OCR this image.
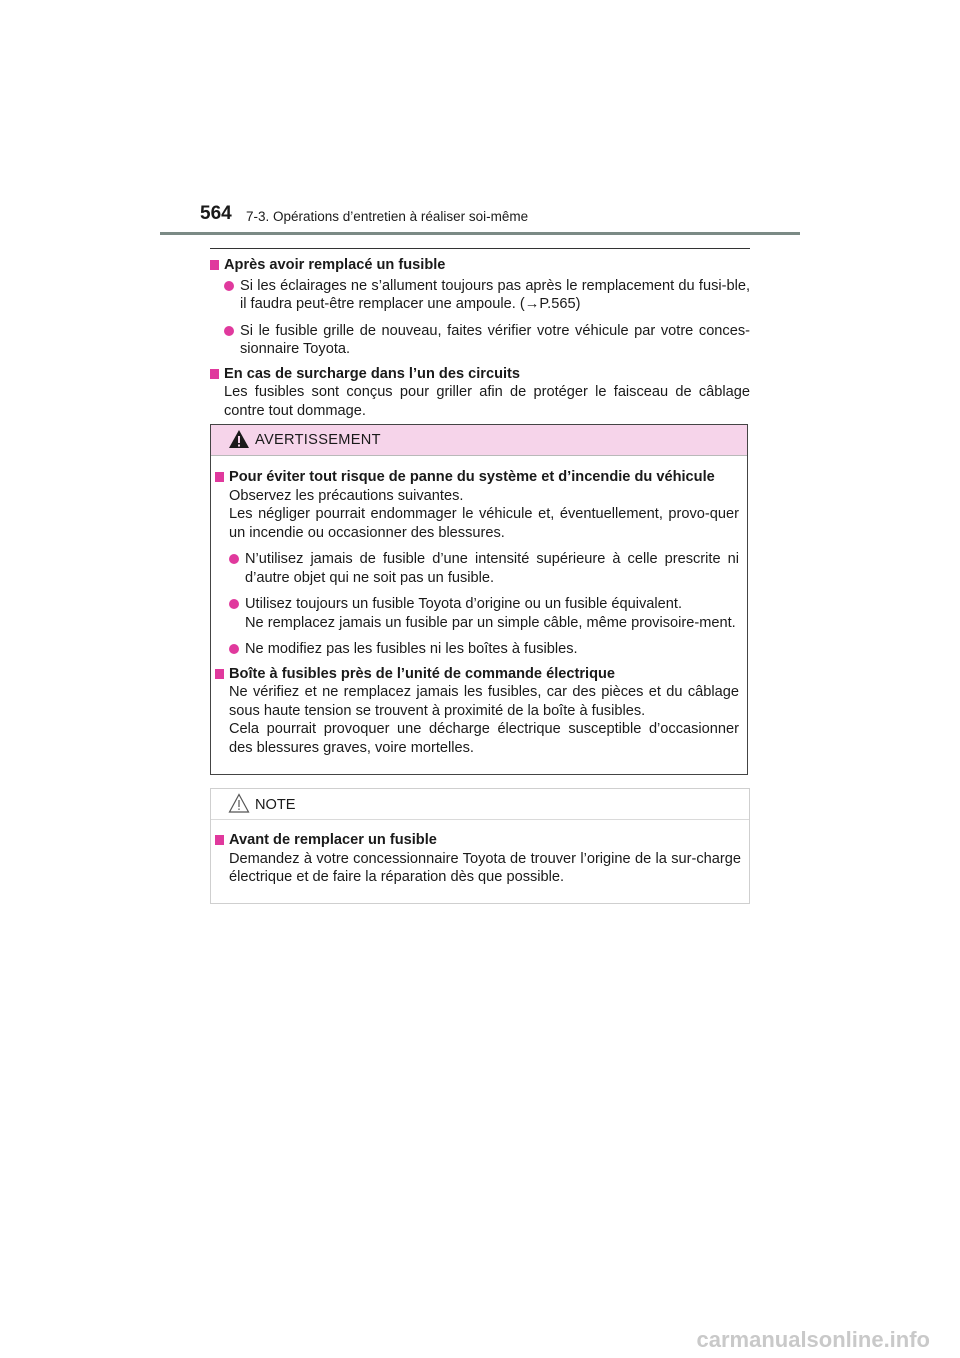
564 7-3. Opérations d’entretien à réaliser soi-même
Après avoir remplacé un fusible
Si les éclairages ne s’allument toujours pas après le remplacement du fusi-ble, il faudra peut-être remplacer une ampoule. (→P.565)
Si le fusible grille de nouveau, faites vérifier votre véhicule par votre conces-sionnaire Toyota.
En cas de surcharge dans l’un des circuits
Les fusibles sont conçus pour griller afin de protéger le faisceau de câblage contre tout dommage.
AVERTISSEMENT
Pour éviter tout risque de panne du système et d’incendie du véhicule
Observez les précautions suivantes.
Les négliger pourrait endommager le véhicule et, éventuellement, provo-quer un incendie ou occasionner des blessures.
N’utilisez jamais de fusible d’une intensité supérieure à celle prescrite ni d’autre objet qui ne soit pas un fusible.
Utilisez toujours un fusible Toyota d’origine ou un fusible équivalent.
Ne remplacez jamais un fusible par un simple câble, même provisoire-ment.
Ne modifiez pas les fusibles ni les boîtes à fusibles.
Boîte à fusibles près de l’unité de commande électrique
Ne vérifiez et ne remplacez jamais les fusibles, car des pièces et du câblage sous haute tension se trouvent à proximité de la boîte à fusibles.
Cela pourrait provoquer une décharge électrique susceptible d’occasionner des blessures graves, voire mortelles.
NOTE
Avant de remplacer un fusible
Demandez à votre concessionnaire Toyota de trouver l’origine de la sur-charge électrique et de faire la réparation dès que possible.
carmanualsonline.info
